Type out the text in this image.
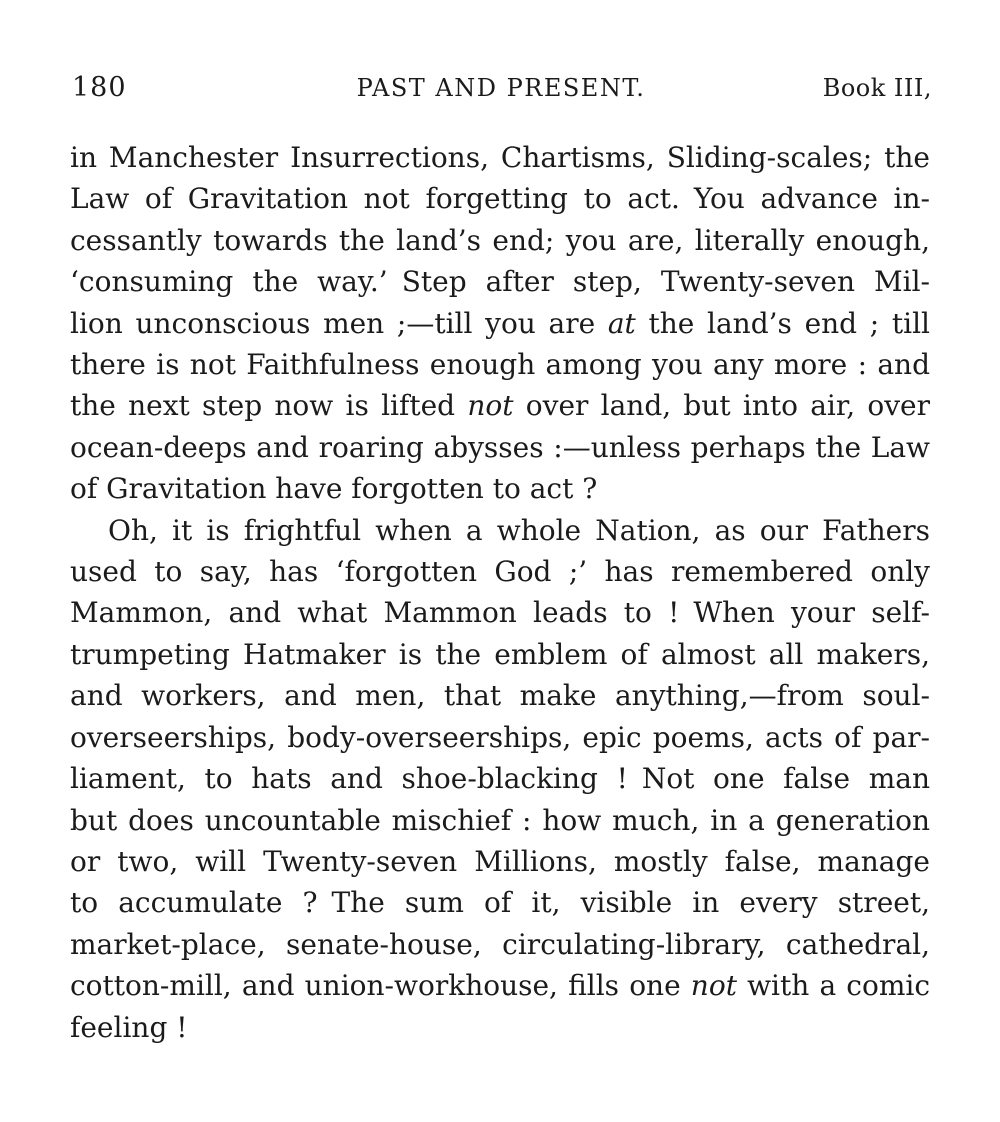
180	PAST AND PRESENT.	Book III,
in Manchester Insurrections, Chartisms, Sliding-scales; the
Law of Gravitation not forgetting to act. You advance in-
cessantly towards the land’s end; you are, literally enough,
‘consuming the way.’ Step after step, Twenty-seven Mil-
lion unconscious men ;—till you are at the land’s end ; till
there is not Faithfulness enough among you any more : and
the next step now is lifted not over land, but into air, over
ocean-deeps and roaring abysses :—unless perhaps the Law
of Gravitation have forgotten to act ?
Oh, it is frightful when a whole Nation, as our Fathers
used to say, has ‘forgotten God ;’ has remembered only
Mammon, and what Mammon leads to ! When your self-
trumpeting Hatmaker is the emblem of almost all makers,
and workers, and men, that make anything,—from soul-
overseerships, body-overseerships, epic poems, acts of par-
liament, to hats and shoe-blacking ! Not one false man
but does uncountable mischief : how much, in a generation
or two, will Twenty-seven Millions, mostly false, manage
to accumulate ? The sum of it, visible in every street,
market-place, senate-house, circulating-library, cathedral,
cotton-mill, and union-workhouse, fills one not with a comic
feeling !
